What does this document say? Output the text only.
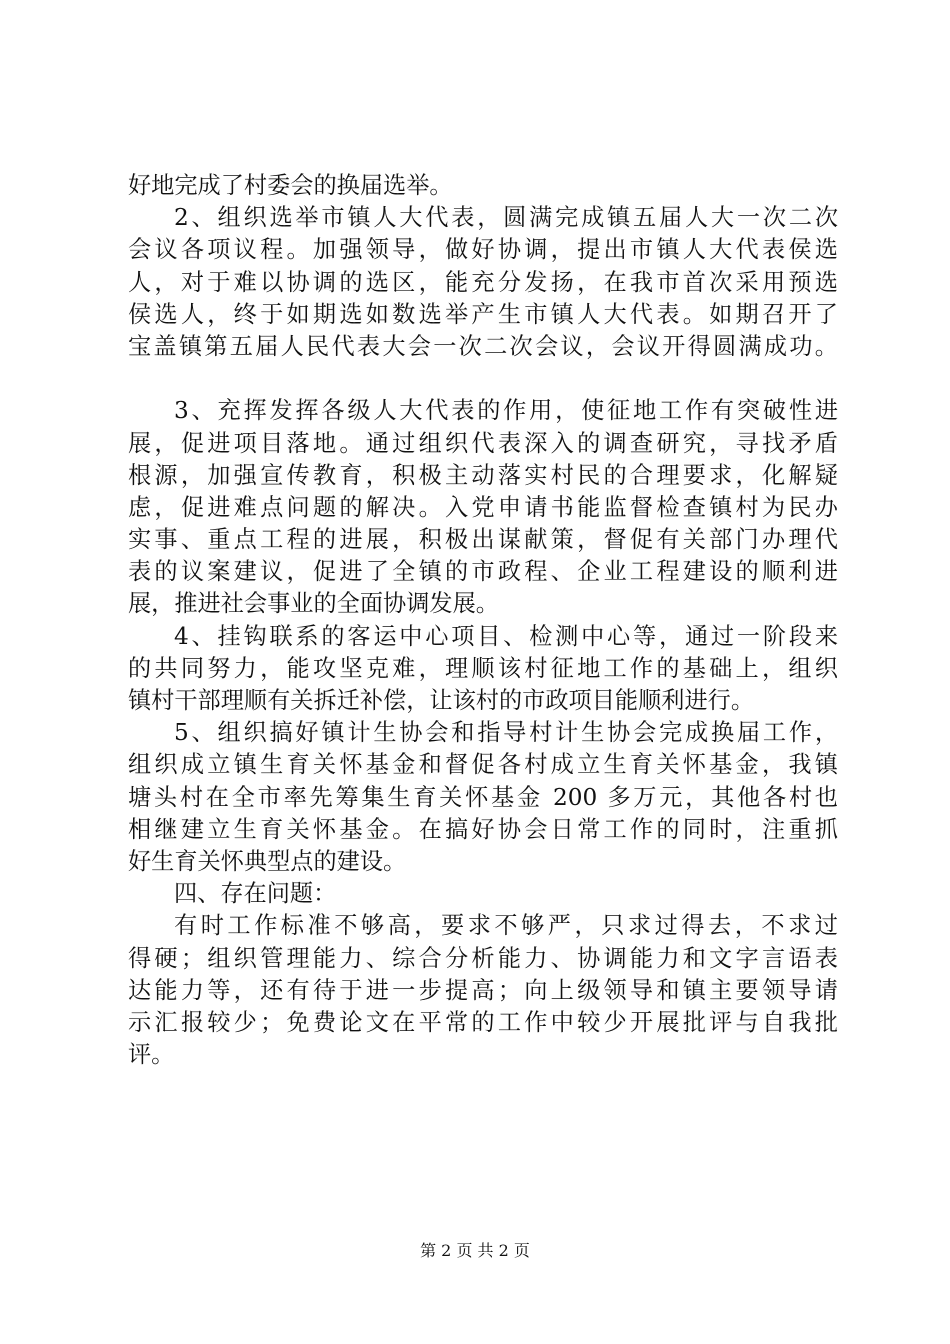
好地完成了村委会的换届选举。
2、组织选举市镇人大代表，圆满完成镇五届人大一次二次
会议各项议程。加强领导，做好协调，提出市镇人大代表侯选
人，对于难以协调的选区，能充分发扬，在我市首次采用预选
侯选人，终于如期选如数选举产生市镇人大代表。如期召开了
宝盖镇第五届人民代表大会一次二次会议，会议开得圆满成功。
3、充挥发挥各级人大代表的作用，使征地工作有突破性进
展，促进项目落地。通过组织代表深入的调查研究，寻找矛盾
根源，加强宣传教育，积极主动落实村民的合理要求，化解疑
虑，促进难点问题的解决。入党申请书能监督检查镇村为民办
实事、重点工程的进展，积极出谋献策，督促有关部门办理代
表的议案建议，促进了全镇的市政程、企业工程建设的顺利进
展，推进社会事业的全面协调发展。
4、挂钩联系的客运中心项目、检测中心等，通过一阶段来
的共同努力，能攻坚克难，理顺该村征地工作的基础上，组织
镇村干部理顺有关拆迁补偿，让该村的市政项目能顺利进行。
5、组织搞好镇计生协会和指导村计生协会完成换届工作，
组织成立镇生育关怀基金和督促各村成立生育关怀基金，我镇
塘头村在全市率先筹集生育关怀基金 200 多万元，其他各村也
相继建立生育关怀基金。在搞好协会日常工作的同时，注重抓
好生育关怀典型点的建设。
四、存在问题：
有时工作标准不够高，要求不够严，只求过得去，不求过
得硬；组织管理能力、综合分析能力、协调能力和文字言语表
达能力等，还有待于进一步提高；向上级领导和镇主要领导请
示汇报较少；免费论文在平常的工作中较少开展批评与自我批
评。
第 2 页 共 2 页
